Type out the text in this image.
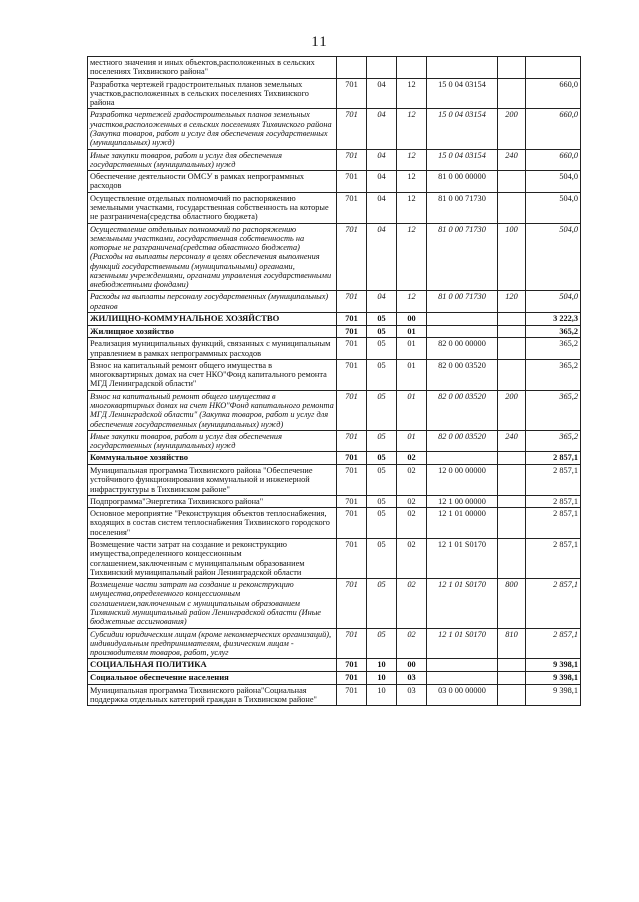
11
местного значения и иных объектов,расположенных в сельских поселениях Тихвинского района"						
Разработка чертежей градостроительных планов земельных участков,расположенных в сельских поселениях Тихвинского района	701	04	12	15 0 04 03154		660,0
Разработка чертежей градостроительных планов земельных участков,расположенных в сельских поселениях Тихвинского района (Закупка товаров, работ и услуг для обеспечения государственных (муниципальных) нужд)	701	04	12	15 0 04 03154	200	660,0
Иные закупки товаров, работ и услуг для обеспечения государственных (муниципальных) нужд	701	04	12	15 0 04 03154	240	660,0
Обеспечение деятельности ОМСУ в рамках непрограммных расходов	701	04	12	81 0 00 00000		504,0
Осуществление отдельных полномочий по распоряжению земельными участками, государственная собственность на которые не разграничена(средства областного бюджета)	701	04	12	81 0 00 71730		504,0
Осуществление отдельных полномочий по распоряжению земельными участками, государственная собственность на которые не разграничена(средства областного бюджета) (Расходы на выплаты персоналу в целях обеспечения выполнения функций государственными (муниципальными) органами, казенными учреждениями, органами управления государственными внебюджетными фондами)	701	04	12	81 0 00 71730	100	504,0
Расходы на выплаты персоналу государственных (муниципальных) органов	701	04	12	81 0 00 71730	120	504,0
ЖИЛИЩНО-КОММУНАЛЬНОЕ ХОЗЯЙСТВО	701	05	00			3 222,3
Жилищное хозяйство	701	05	01			365,2
Реализация муниципальных функций, связанных с муниципальным управлением в рамках непрограммных расходов	701	05	01	82 0 00 00000		365,2
Взнос на капитальный ремонт общего имущества в многоквартирных домах на счет НКО"Фонд капитального ремонта МГД Ленинградской области"	701	05	01	82 0 00 03520		365,2
Взнос на капитальный ремонт общего имущества в многоквартирных домах на счет НКО"Фонд капитального ремонта МГД Ленинградской области" (Закупка товаров, работ и услуг для обеспечения государственных (муниципальных) нужд)	701	05	01	82 0 00 03520	200	365,2
Иные закупки товаров, работ и услуг для обеспечения государственных (муниципальных) нужд	701	05	01	82 0 00 03520	240	365,2
Коммунальное хозяйство	701	05	02			2 857,1
Муниципальная программа Тихвинского района "Обеспечение устойчивого функционирования коммунальной и инженерной инфраструктуры в Тихвинском районе"	701	05	02	12 0 00 00000		2 857,1
Подпрограмма"Энергетика Тихвинского района"	701	05	02	12 1 00 00000		2 857,1
Основное мероприятие "Реконструкция объектов теплоснабжения, входящих в состав систем теплоснабжения Тихвинского городского поселения"	701	05	02	12 1 01 00000		2 857,1
Возмещение части затрат на создание и реконструкцию имущества,определенного концессионным соглашением,заключенным с муниципальным образованием Тихвинский муниципальный район Ленинградской области	701	05	02	12 1 01 S0170		2 857,1
Возмещение части затрат на создание и реконструкцию имущества,определенного концессионным соглашением,заключенным с муниципальным образованием Тихвинский муниципальный район Ленинградской области (Иные бюджетные ассигнования)	701	05	02	12 1 01 S0170	800	2 857,1
Субсидии юридическим лицам (кроме некоммерческих организаций), индивидуальным предпринимателям, физическим лицам - производителям товаров, работ, услуг	701	05	02	12 1 01 S0170	810	2 857,1
СОЦИАЛЬНАЯ ПОЛИТИКА	701	10	00			9 398,1
Социальное обеспечение населения	701	10	03			9 398,1
Муниципальная программа Тихвинского района"Социальная поддержка отдельных категорий граждан в Тихвинском районе"	701	10	03	03 0 00 00000		9 398,1
